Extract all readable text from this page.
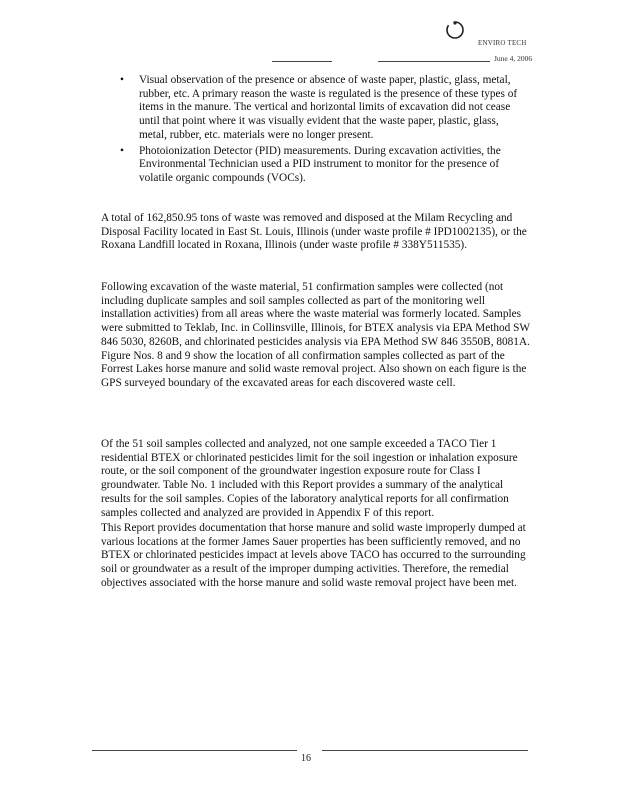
ENVIRO TECH
June 4, 2006
• Visual observation of the presence or absence of waste paper, plastic, glass, metal, rubber, etc. A primary reason the waste is regulated is the presence of these types of items in the manure. The vertical and horizontal limits of excavation did not cease until that point where it was visually evident that the waste paper, plastic, glass, metal, rubber, etc. materials were no longer present.
• Photoionization Detector (PID) measurements. During excavation activities, the Environmental Technician used a PID instrument to monitor for the presence of volatile organic compounds (VOCs).

A total of 162,850.95 tons of waste was removed and disposed at the Milam Recycling and Disposal Facility located in East St. Louis, Illinois (under waste profile # IPD1002135), or the Roxana Landfill located in Roxana, Illinois (under waste profile # 338Y511535).

Following excavation of the waste material, 51 confirmation samples were collected (not including duplicate samples and soil samples collected as part of the monitoring well installation activities) from all areas where the waste material was formerly located. Samples were submitted to Teklab, Inc. in Collinsville, Illinois, for BTEX analysis via EPA Method SW 846 5030, 8260B, and chlorinated pesticides analysis via EPA Method SW 846 3550B, 8081A. Figure Nos. 8 and 9 show the location of all confirmation samples collected as part of the Forrest Lakes horse manure and solid waste removal project. Also shown on each figure is the GPS surveyed boundary of the excavated areas for each discovered waste cell.

Of the 51 soil samples collected and analyzed, not one sample exceeded a TACO Tier 1 residential BTEX or chlorinated pesticides limit for the soil ingestion or inhalation exposure route, or the soil component of the groundwater ingestion exposure route for Class I groundwater. Table No. 1 included with this Report provides a summary of the analytical results for the soil samples. Copies of the laboratory analytical reports for all confirmation samples collected and analyzed are provided in Appendix F of this report.

This Report provides documentation that horse manure and solid waste improperly dumped at various locations at the former James Sauer properties has been sufficiently removed, and no BTEX or chlorinated pesticides impact at levels above TACO has occurred to the surrounding soil or groundwater as a result of the improper dumping activities. Therefore, the remedial objectives associated with the horse manure and solid waste removal project have been met.

16
